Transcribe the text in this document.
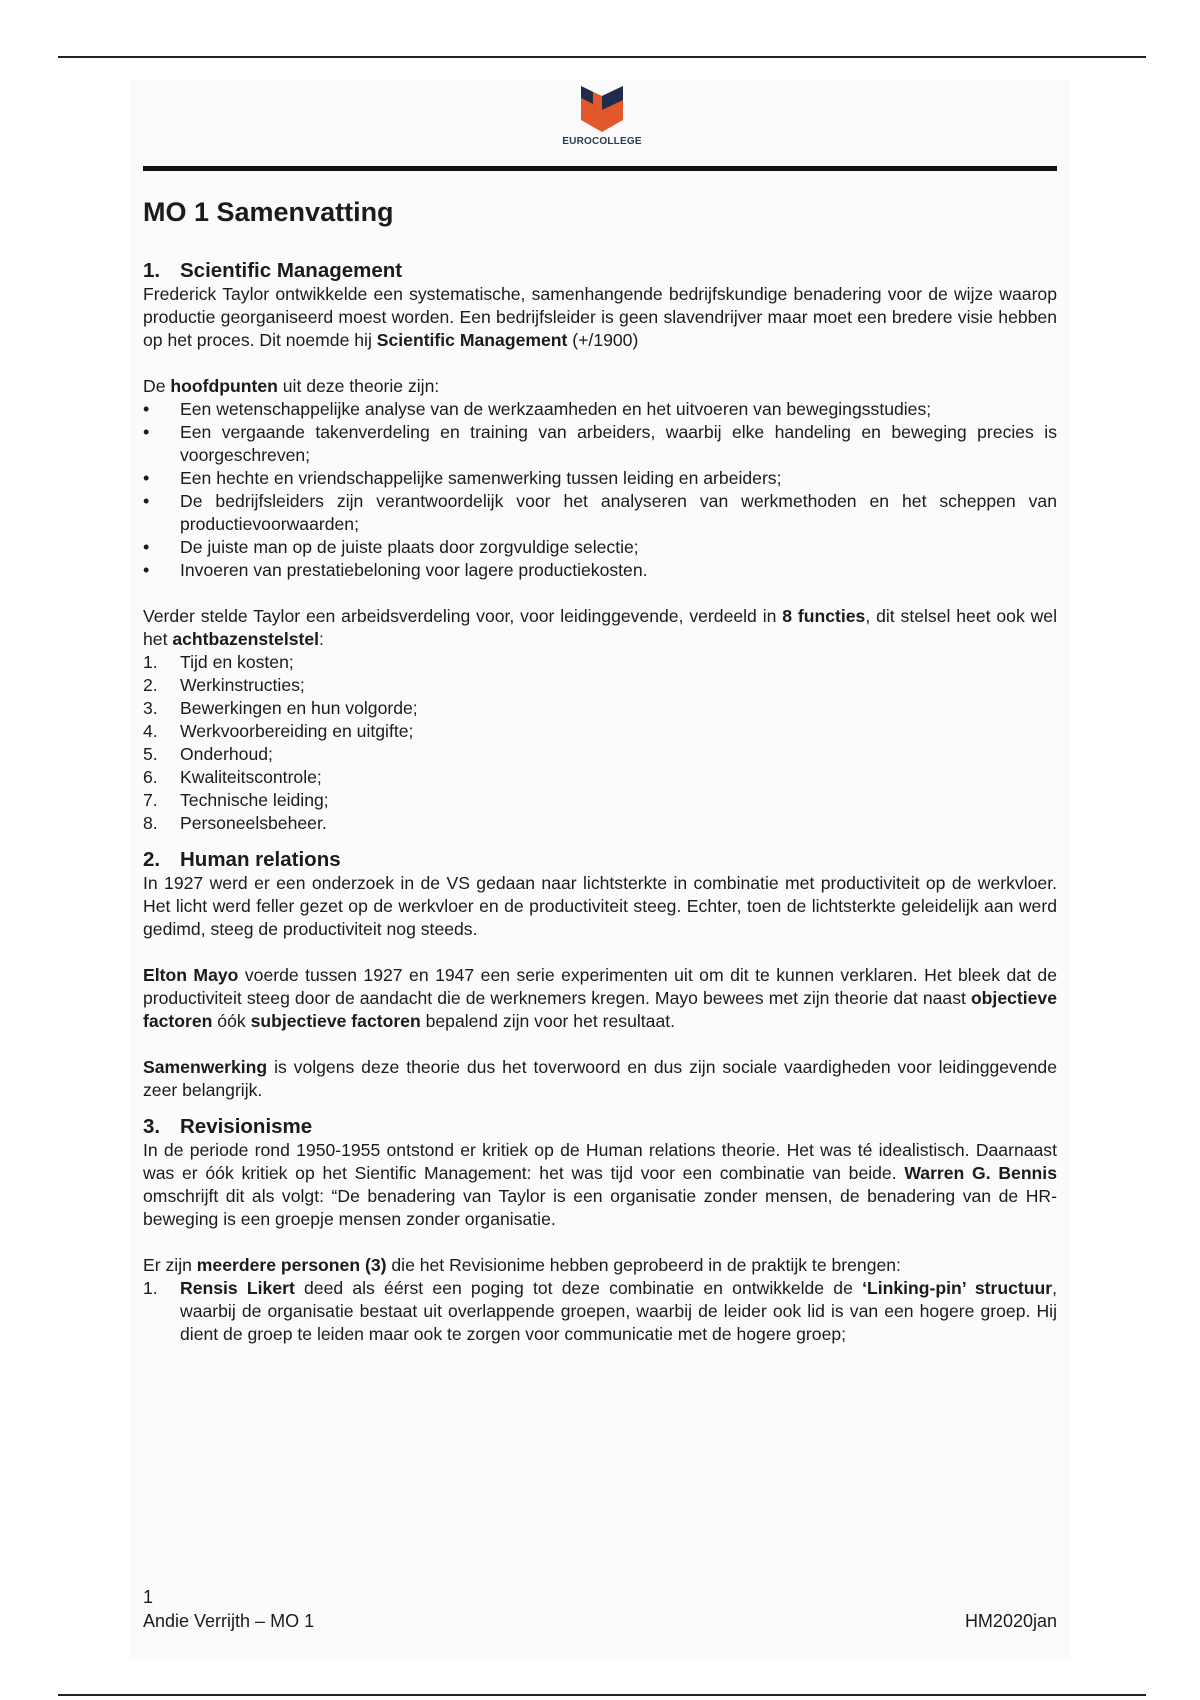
EUROCOLLEGE
MO 1 Samenvatting
1. Scientific Management

Frederick Taylor ontwikkelde een systematische, samenhangende bedrijfskundige benadering voor de wijze waarop productie georganiseerd moest worden. Een bedrijfsleider is geen slavendrijver maar moet een bredere visie hebben op het proces. Dit noemde hij Scientific Management (+/1900)

De hoofdpunten uit deze theorie zijn:

•
Een wetenschappelijke analyse van de werkzaamheden en het uitvoeren van bewegingsstudies;
•
Een vergaande takenverdeling en training van arbeiders, waarbij elke handeling en beweging precies is voorgeschreven;
•
Een hechte en vriendschappelijke samenwerking tussen leiding en arbeiders;
•
De bedrijfsleiders zijn verantwoordelijk voor het analyseren van werkmethoden en het scheppen van productievoorwaarden;
•
De juiste man op de juiste plaats door zorgvuldige selectie;
•
Invoeren van prestatiebeloning voor lagere productiekosten.

Verder stelde Taylor een arbeidsverdeling voor, voor leidinggevende, verdeeld in 8 functies, dit stelsel heet ook wel het achtbazenstelstel:

1.	Tijd en kosten;
2.	Werkinstructies;
3.	Bewerkingen en hun volgorde;
4.	Werkvoorbereiding en uitgifte;
5.	Onderhoud;
6.	Kwaliteitscontrole;
7.	Technische leiding;
8.	Personeelsbeheer.
2. Human relations

In 1927 werd er een onderzoek in de VS gedaan naar lichtsterkte in combinatie met productiviteit op de werkvloer. Het licht werd feller gezet op de werkvloer en de productiviteit steeg. Echter, toen de lichtsterkte geleidelijk aan werd gedimd, steeg de productiviteit nog steeds.

Elton Mayo voerde tussen 1927 en 1947 een serie experimenten uit om dit te kunnen verklaren. Het bleek dat de productiviteit steeg door de aandacht die de werknemers kregen. Mayo bewees met zijn theorie dat naast objectieve factoren óók subjectieve factoren bepalend zijn voor het resultaat.

Samenwerking is volgens deze theorie dus het toverwoord en dus zijn sociale vaardigheden voor leidinggevende zeer belangrijk.

3. Revisionisme

In de periode rond 1950-1955 ontstond er kritiek op de Human relations theorie. Het was té idealistisch. Daarnaast was er óók kritiek op het Sientific Management: het was tijd voor een combinatie van beide. Warren G. Bennis omschrijft dit als volgt: “De benadering van Taylor is een organisatie zonder mensen, de benadering van de HR-beweging is een groepje mensen zonder organisatie.

Er zijn meerdere personen (3) die het Revisionime hebben geprobeerd in de praktijk te brengen:

1.	Rensis Likert deed als éérst een poging tot deze combinatie en ontwikkelde de ‘Linking-pin’ structuur, waarbij de organisatie bestaat uit overlappende groepen, waarbij de leider ook lid is van een hogere groep. Hij dient de groep te leiden maar ook te zorgen voor communicatie met de hogere groep;
1
Andie Verrijth – MO 1	HM2020jan
